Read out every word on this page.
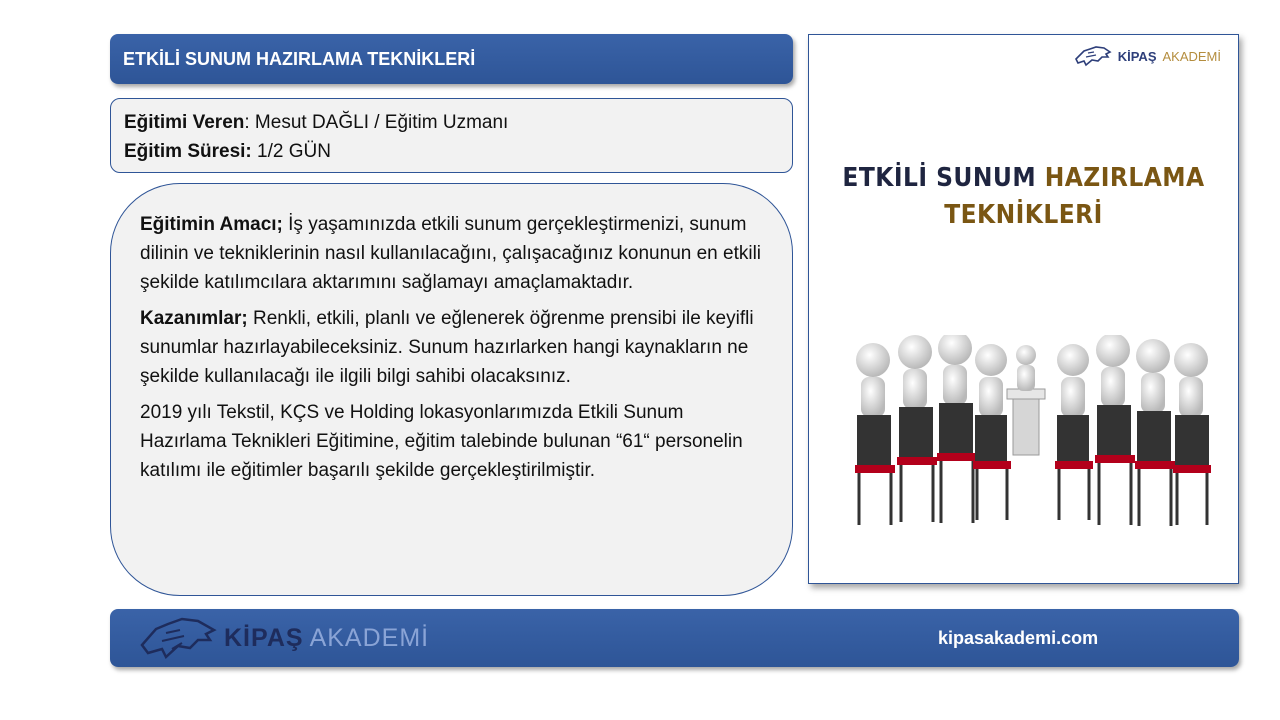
ETKİLİ SUNUM HAZIRLAMA TEKNİKLERİ
Eğitimi Veren: Mesut DAĞLI / Eğitim Uzmanı
Eğitim Süresi: 1/2 GÜN

Eğitimin Amacı; İş yaşamınızda etkili sunum gerçekleştirmenizi, sunum dilinin ve tekniklerinin nasıl kullanılacağını, çalışacağınız konunun en etkili şekilde katılımcılara aktarımını sağlamayı amaçlamaktadır.

Kazanımlar; Renkli, etkili, planlı ve eğlenerek öğrenme prensibi ile keyifli sunumlar hazırlayabileceksiniz. Sunum hazırlarken hangi kaynakların ne şekilde kullanılacağı ile ilgili bilgi sahibi olacaksınız.

2019 yılı Tekstil, KÇS ve Holding lokasyonlarımızda Etkili Sunum Hazırlama Teknikleri Eğitimine, eğitim talebinde bulunan “61“ personelin katılımı ile eğitimler başarılı şekilde gerçekleştirilmiştir.

KİPAŞ AKADEMİ
ETKİLİ SUNUM HAZIRLAMA
TEKNİKLERİ
KİPAŞ AKADEMİ	kipasakademi.com
